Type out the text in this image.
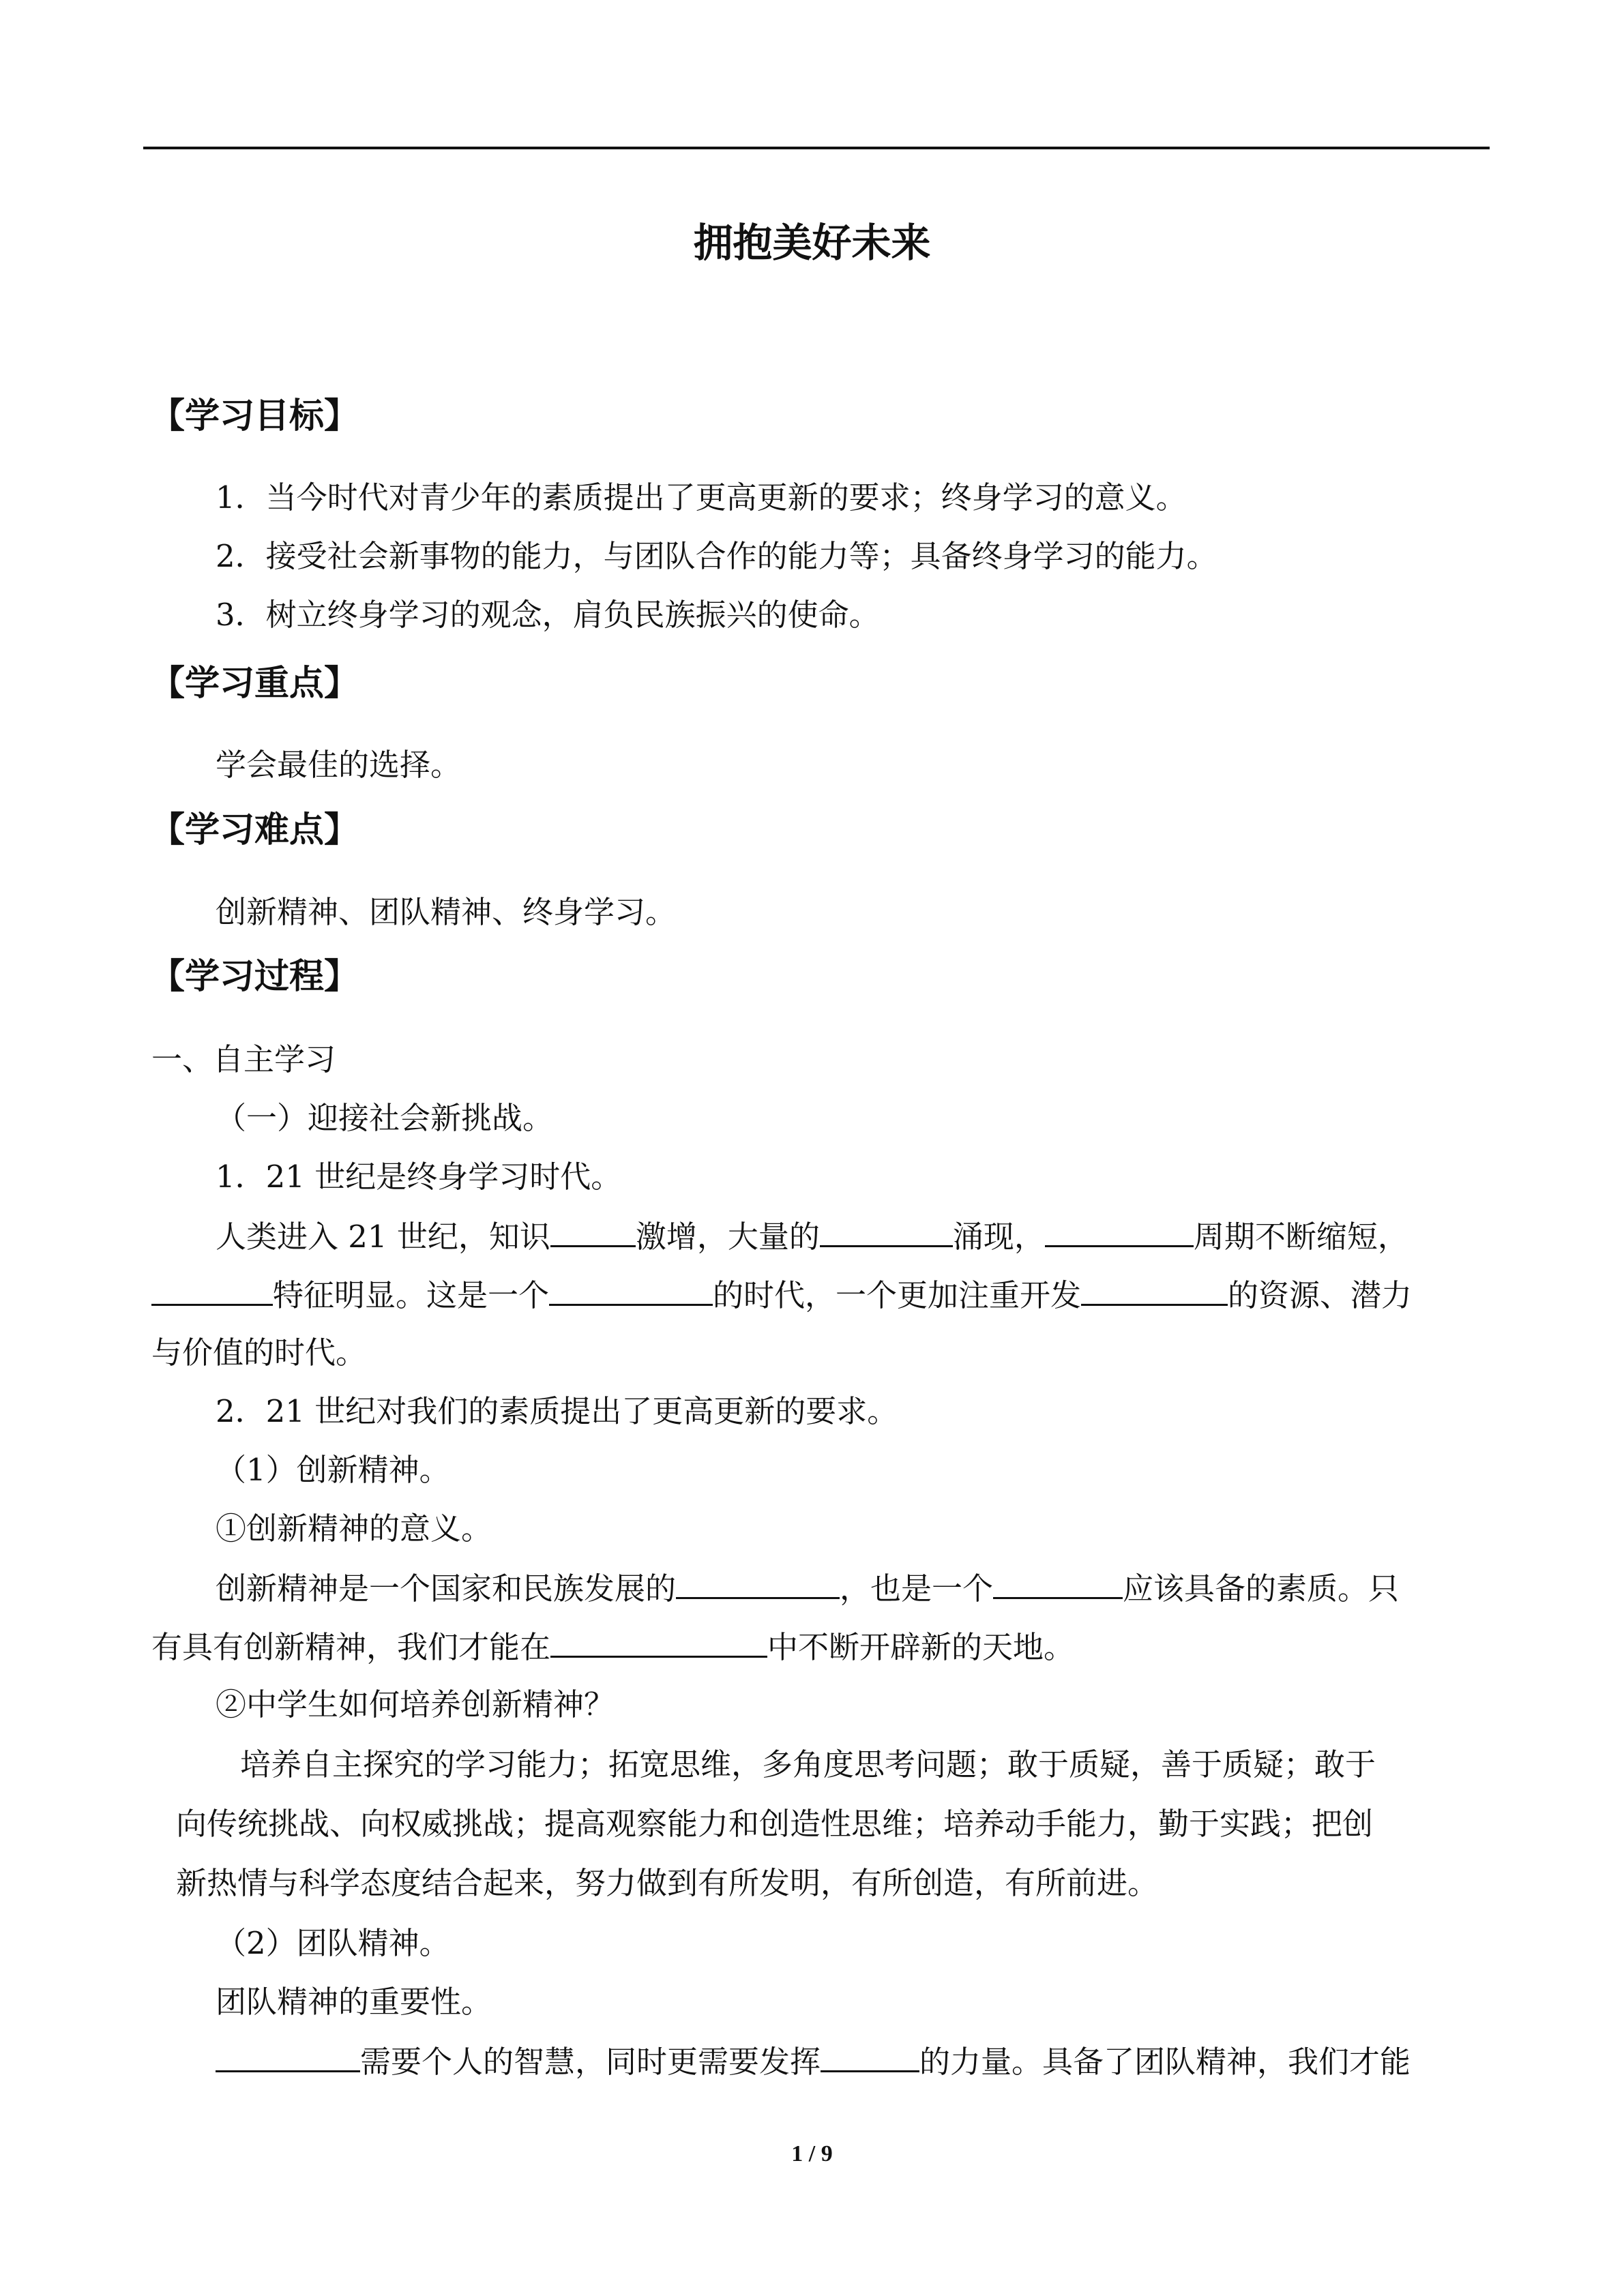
拥抱美好未来
【学习目标】
1．当今时代对青少年的素质提出了更高更新的要求；终身学习的意义。
2．接受社会新事物的能力，与团队合作的能力等；具备终身学习的能力。
3．树立终身学习的观念，肩负民族振兴的使命。
【学习重点】
学会最佳的选择。
【学习难点】
创新精神、团队精神、终身学习。
【学习过程】
一、自主学习
（一）迎接社会新挑战。
1．21 世纪是终身学习时代。
人类进入 21 世纪，知识	激增，大量的	涌现，	周期不断缩短，
特征明显。这是一个	的时代，一个更加注重开发	的资源、潜力
与价值的时代。
2．21 世纪对我们的素质提出了更高更新的要求。
（1）创新精神。
①创新精神的意义。
创新精神是一个国家和民族发展的	，也是一个	应该具备的素质。只
有具有创新精神，我们才能在	中不断开辟新的天地。
②中学生如何培养创新精神？
培养自主探究的学习能力；拓宽思维，多角度思考问题；敢于质疑，善于质疑；敢于
向传统挑战、向权威挑战；提高观察能力和创造性思维；培养动手能力，勤于实践；把创
新热情与科学态度结合起来，努力做到有所发明，有所创造，有所前进。
（2）团队精神。
团队精神的重要性。
需要个人的智慧，同时更需要发挥	的力量。具备了团队精神，我们才能
1 / 9
